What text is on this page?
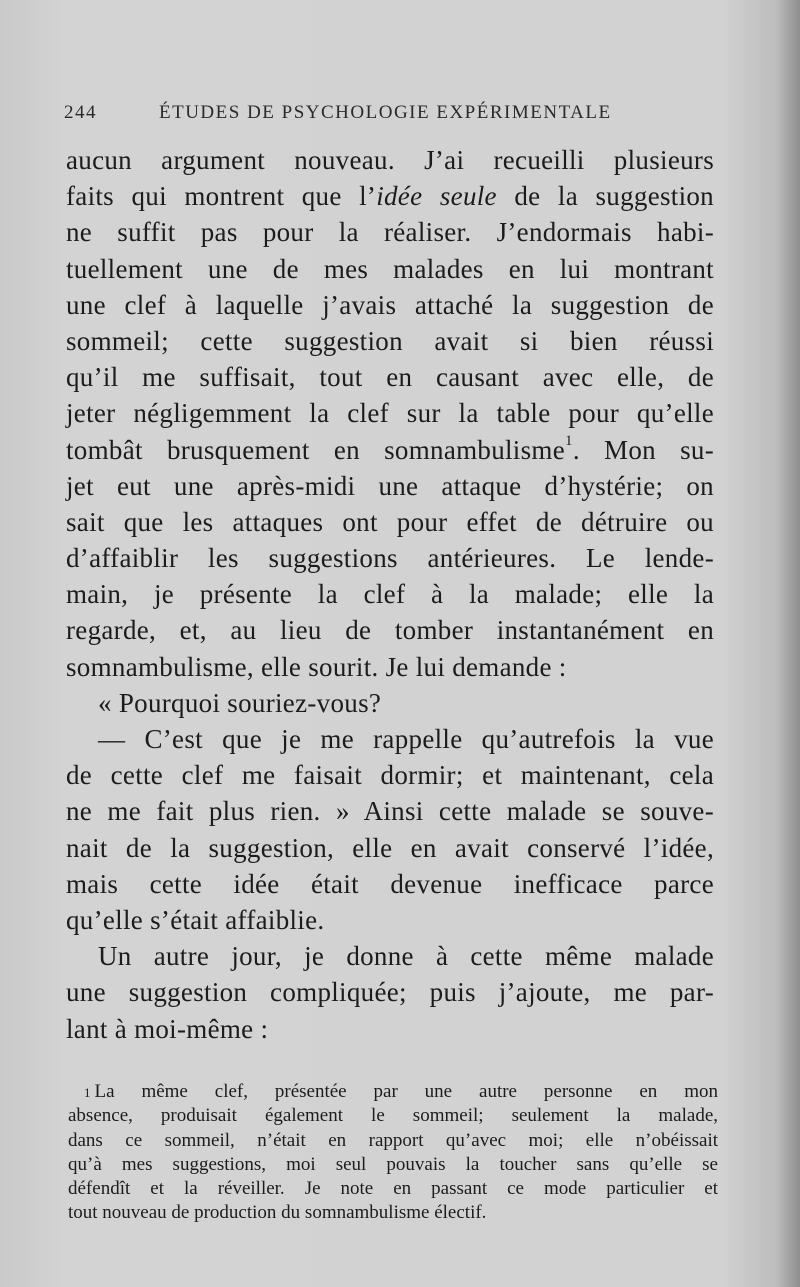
244	ÉTUDES DE PSYCHOLOGIE EXPÉRIMENTALE
aucun argument nouveau. J’ai recueilli plusieurs
faits qui montrent que l’idée seule de la suggestion
ne suffit pas pour la réaliser. J’endormais habi-
tuellement une de mes malades en lui montrant
une clef à laquelle j’avais attaché la suggestion de
sommeil; cette suggestion avait si bien réussi
qu’il me suffisait, tout en causant avec elle, de
jeter négligemment la clef sur la table pour qu’elle
tombât brusquement en somnambulisme$^1$. Mon su-
jet eut une après-midi une attaque d’hystérie; on
sait que les attaques ont pour effet de détruire ou
d’affaiblir les suggestions antérieures. Le lende-
main, je présente la clef à la malade; elle la
regarde, et, au lieu de tomber instantanément en
somnambulisme, elle sourit. Je lui demande :
« Pourquoi souriez-vous?
— C’est que je me rappelle qu’autrefois la vue
de cette clef me faisait dormir; et maintenant, cela
ne me fait plus rien. » Ainsi cette malade se souve-
nait de la suggestion, elle en avait conservé l’idée,
mais cette idée était devenue inefficace parce
qu’elle s’était affaiblie.
Un autre jour, je donne à cette même malade
une suggestion compliquée; puis j’ajoute, me par-
lant à moi-même :
$^1$ La même clef, présentée par une autre personne en mon
absence, produisait également le sommeil; seulement la malade,
dans ce sommeil, n’était en rapport qu’avec moi; elle n’obéissait
qu’à mes suggestions, moi seul pouvais la toucher sans qu’elle se
défendît et la réveiller. Je note en passant ce mode particulier et
tout nouveau de production du somnambulisme électif.
